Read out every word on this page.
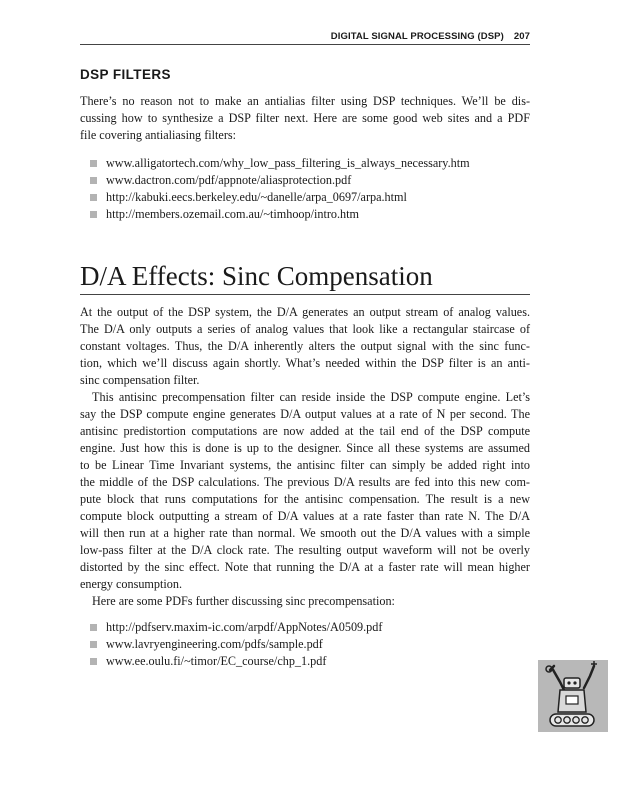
DIGITAL SIGNAL PROCESSING (DSP) 207
DSP FILTERS

There’s no reason not to make an antialias filter using DSP techniques. We’ll be dis-
cussing how to synthesize a DSP filter next. Here are some good web sites and a PDF
file covering antialiasing filters:

www.alligatortech.com/why_low_pass_filtering_is_always_necessary.htm
www.dactron.com/pdf/appnote/aliasprotection.pdf
http://kabuki.eecs.berkeley.edu/~danelle/arpa_0697/arpa.html
http://members.ozemail.com.au/~timhoop/intro.htm
D/A Effects: Sinc Compensation

At the output of the DSP system, the D/A generates an output stream of analog values.
The D/A only outputs a series of analog values that look like a rectangular staircase of
constant voltages. Thus, the D/A inherently alters the output signal with the sinc func-
tion, which we’ll discuss again shortly. What’s needed within the DSP filter is an anti-
sinc compensation filter.

This antisinc precompensation filter can reside inside the DSP compute engine. Let’s
say the DSP compute engine generates D/A output values at a rate of N per second. The
antisinc predistortion computations are now added at the tail end of the DSP compute
engine. Just how this is done is up to the designer. Since all these systems are assumed
to be Linear Time Invariant systems, the antisinc filter can simply be added right into
the middle of the DSP calculations. The previous D/A results are fed into this new com-
pute block that runs computations for the antisinc compensation. The result is a new
compute block outputting a stream of D/A values at a rate faster than rate N. The D/A
will then run at a higher rate than normal. We smooth out the D/A values with a simple
low-pass filter at the D/A clock rate. The resulting output waveform will not be overly
distorted by the sinc effect. Note that running the D/A at a faster rate will mean higher
energy consumption.

Here are some PDFs further discussing sinc precompensation:

http://pdfserv.maxim-ic.com/arpdf/AppNotes/A0509.pdf
www.lavryengineering.com/pdfs/sample.pdf
www.ee.oulu.fi/~timor/EC_course/chp_1.pdf
